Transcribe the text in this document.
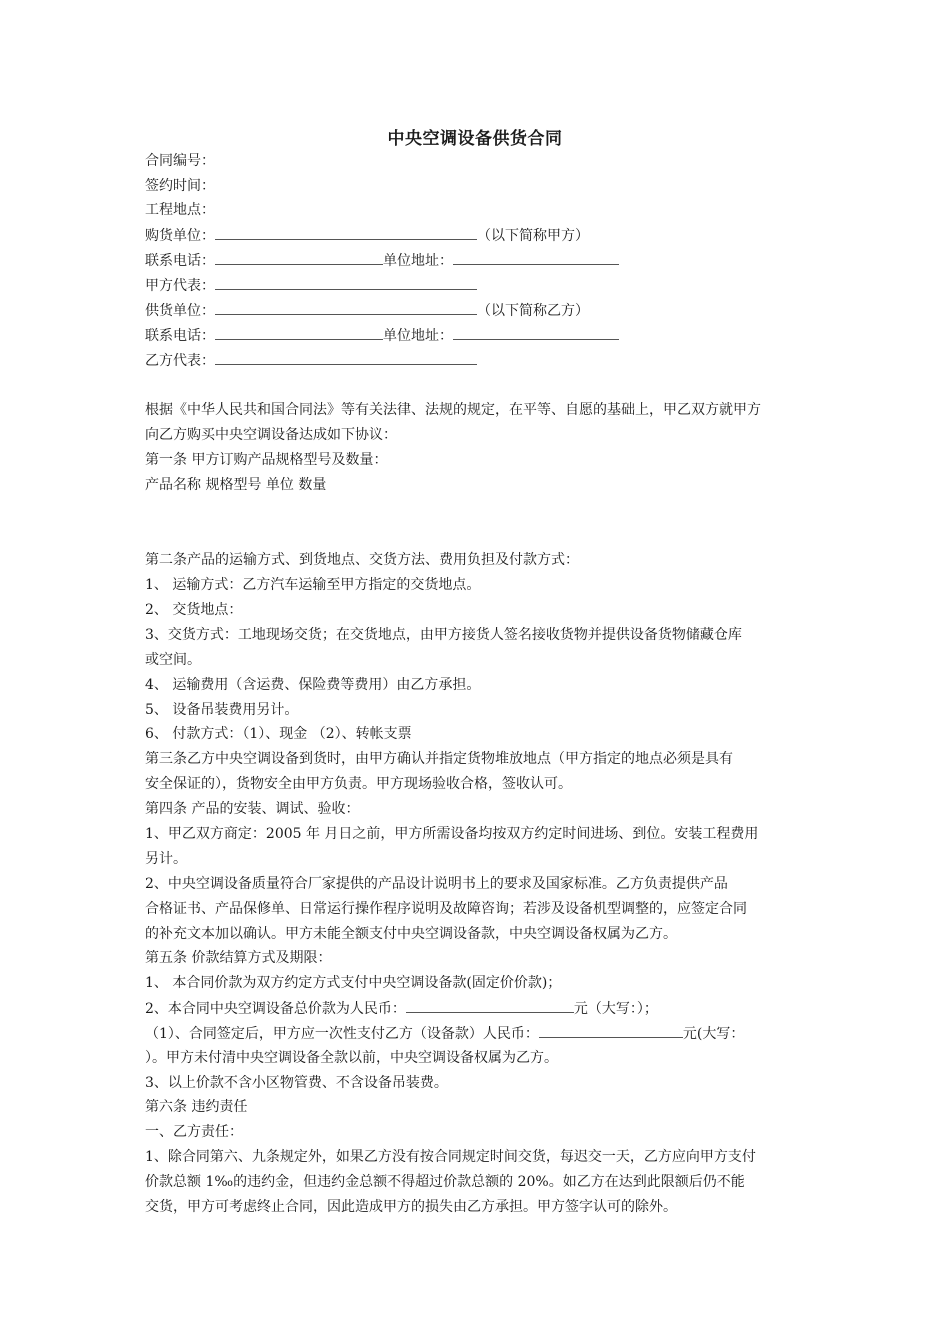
中央空调设备供货合同
合同编号：
签约时间：
工程地点：
购货单位：	（以下简称甲方）
联系电话：	单位地址：
甲方代表：
供货单位：	（以下简称乙方）
联系电话：	单位地址：
乙方代表：
根据《中华人民共和国合同法》等有关法律、法规的规定，在平等、自愿的基础上，甲乙双方就甲方
向乙方购买中央空调设备达成如下协议：
第一条 甲方订购产品规格型号及数量：
产品名称 规格型号 单位 数量
第二条产品的运输方式、到货地点、交货方法、费用负担及付款方式：
1、 运输方式：乙方汽车运输至甲方指定的交货地点。
2、 交货地点：
3、交货方式：工地现场交货；在交货地点，由甲方接货人签名接收货物并提供设备货物储藏仓库
或空间。
4、 运输费用（含运费、保险费等费用）由乙方承担。
5、 设备吊装费用另计。
6、 付款方式：（1）、现金 （2）、转帐支票
第三条乙方中央空调设备到货时，由甲方确认并指定货物堆放地点（甲方指定的地点必须是具有
安全保证的），货物安全由甲方负责。甲方现场验收合格，签收认可。
第四条 产品的安装、调试、验收：
1、甲乙双方商定：2005 年 月日之前，甲方所需设备均按双方约定时间进场、到位。安装工程费用
另计。
2、中央空调设备质量符合厂家提供的产品设计说明书上的要求及国家标准。乙方负责提供产品
合格证书、产品保修单、日常运行操作程序说明及故障咨询；若涉及设备机型调整的，应签定合同
的补充文本加以确认。甲方未能全额支付中央空调设备款，中央空调设备权属为乙方。
第五条 价款结算方式及期限：
1、 本合同价款为双方约定方式支付中央空调设备款(固定价价款)；
2、本合同中央空调设备总价款为人民币：	元（大写：）；
（1）、合同签定后，甲方应一次性支付乙方（设备款）人民币：	元(大写：
）。甲方未付清中央空调设备全款以前，中央空调设备权属为乙方。
3、以上价款不含小区物管费、不含设备吊装费。
第六条 违约责任
一、乙方责任：
1、除合同第六、九条规定外，如果乙方没有按合同规定时间交货，每迟交一天，乙方应向甲方支付
价款总额 1‰的违约金，但违约金总额不得超过价款总额的 20%。如乙方在达到此限额后仍不能
交货，甲方可考虑终止合同，因此造成甲方的损失由乙方承担。甲方签字认可的除外。
